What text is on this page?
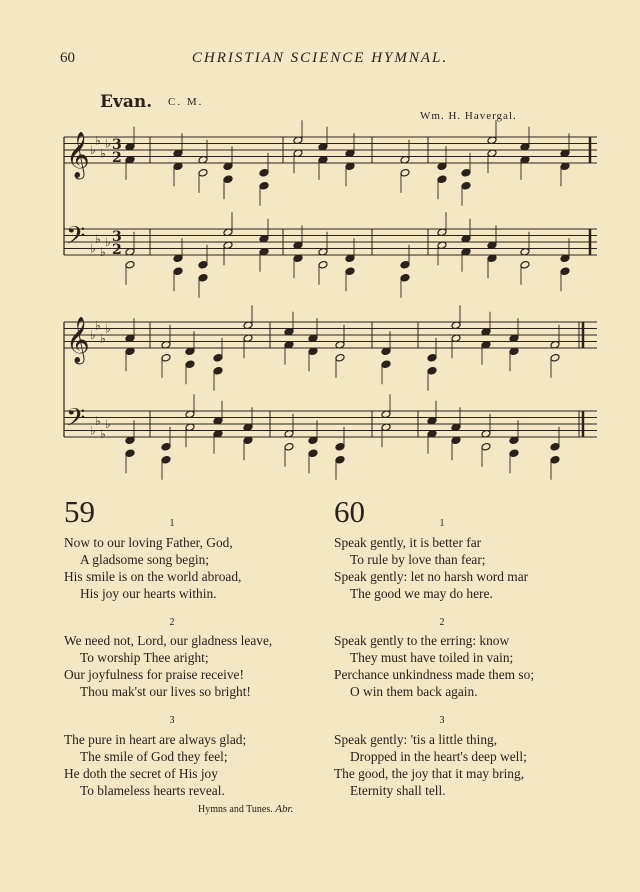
60	CHRISTIAN SCIENCE HYMNAL.
Evan. C. M.
Wm. H. Havergal.
𝄞 ♭
♭
♭
♭ 3
2
𝄢 ♭
♭
♭
♭ 3
2
𝄞 ♭
♭
♭
♭
𝄢 ♭
♭
♭
♭
59	1
Now to our loving Father, God,
A gladsome song begin;
His smile is on the world abroad,
His joy our hearts within.
2
We need not, Lord, our gladness leave,
To worship Thee aright;
Our joyfulness for praise receive!
Thou mak'st our lives so bright!
3
The pure in heart are always glad;
The smile of God they feel;
He doth the secret of His joy
To blameless hearts reveal.
Hymns and Tunes. Abr.
60	1
Speak gently, it is better far
To rule by love than fear;
Speak gently: let no harsh word mar
The good we may do here.
2
Speak gently to the erring: know
They must have toiled in vain;
Perchance unkindness made them so;
O win them back again.
3
Speak gently: 'tis a little thing,
Dropped in the heart's deep well;
The good, the joy that it may bring,
Eternity shall tell.
